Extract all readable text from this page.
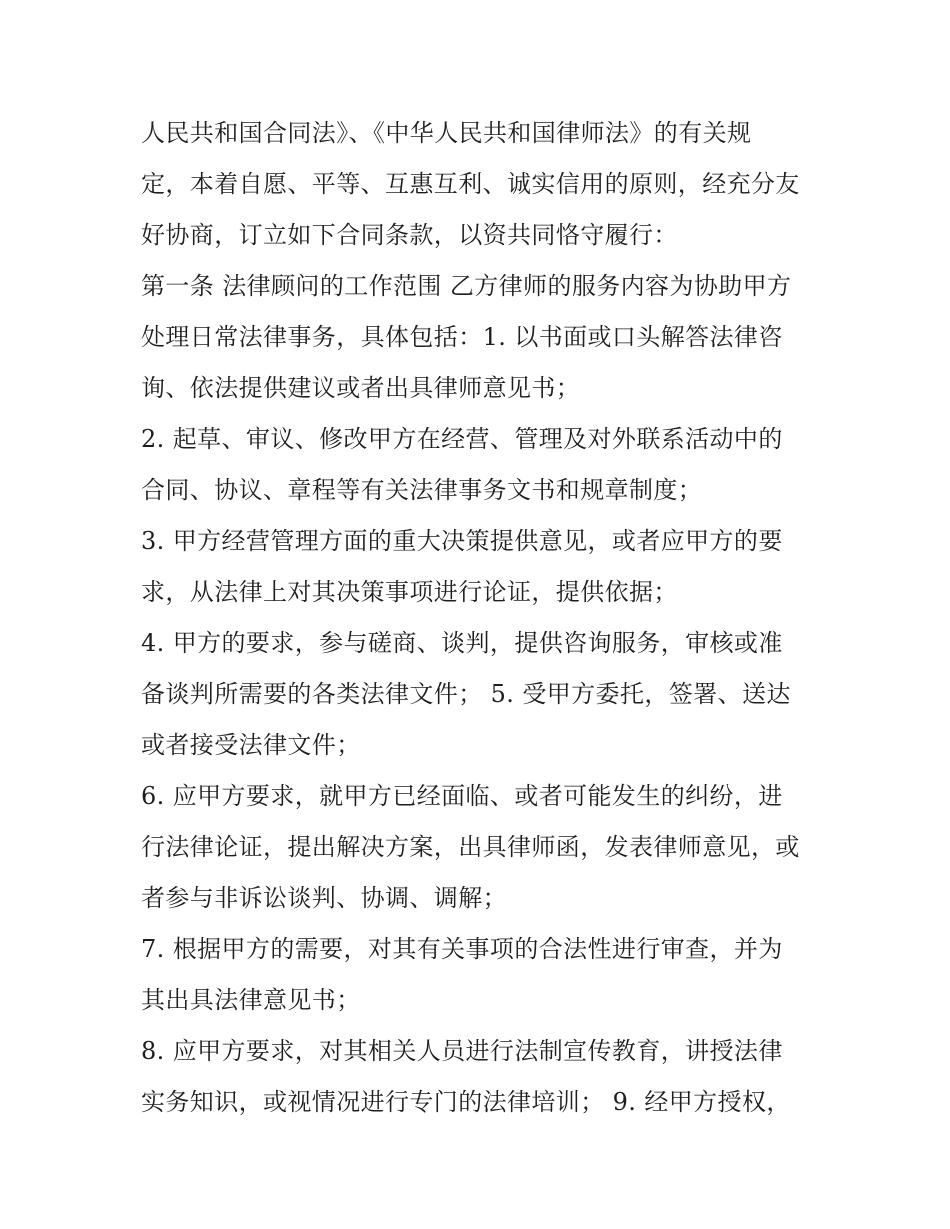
人民共和国合同法》、《中华人民共和国律师法》的有关规
定，本着自愿、平等、互惠互利、诚实信用的原则，经充分友
好协商，订立如下合同条款，以资共同恪守履行：
第一条 法律顾问的工作范围 乙方律师的服务内容为协助甲方
处理日常法律事务，具体包括：1. 以书面或口头解答法律咨
询、依法提供建议或者出具律师意见书；
2. 起草、审议、修改甲方在经营、管理及对外联系活动中的
合同、协议、章程等有关法律事务文书和规章制度；
3. 甲方经营管理方面的重大决策提供意见，或者应甲方的要
求，从法律上对其决策事项进行论证，提供依据；
4. 甲方的要求，参与磋商、谈判，提供咨询服务，审核或准
备谈判所需要的各类法律文件； 5. 受甲方委托，签署、送达
或者接受法律文件；
6. 应甲方要求，就甲方已经面临、或者可能发生的纠纷，进
行法律论证，提出解决方案，出具律师函，发表律师意见，或
者参与非诉讼谈判、协调、调解；
7. 根据甲方的需要，对其有关事项的合法性进行审查，并为
其出具法律意见书；
8. 应甲方要求，对其相关人员进行法制宣传教育，讲授法律
实务知识，或视情况进行专门的法律培训； 9. 经甲方授权，
